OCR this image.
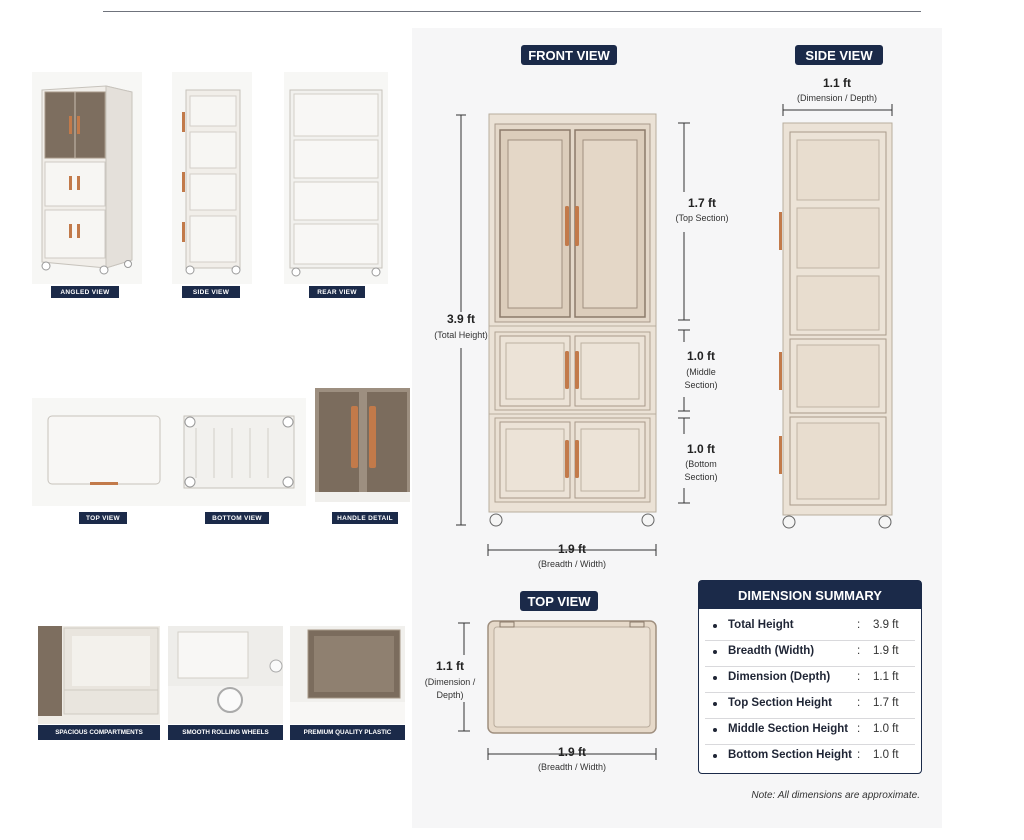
ANGLED VIEW	SIDE VIEW	REAR VIEW
TOP VIEW	BOTTOM VIEW	HANDLE DETAIL
SPACIOUS COMPARTMENTS	SMOOTH ROLLING WHEELS	PREMIUM QUALITY PLASTIC
FRONT VIEW
3.9 ft
(Total Height)
1.7 ft
(Top Section)
1.0 ft
(Middle
Section)
1.0 ft
(Bottom
Section)
1.9 ft
(Breadth / Width)
SIDE VIEW
1.1 ft
(Dimension / Depth)
TOP VIEW
1.1 ft
(Dimension /
Depth)
1.9 ft
(Breadth / Width)
DIMENSION SUMMARY
Total Height	: 3.9 ft
Breadth (Width)	: 1.9 ft
Dimension (Depth) : 1.1 ft
Top Section Height : 1.7 ft
Middle Section Height : 1.0 ft
Bottom Section Height : 1.0 ft
Note: All dimensions are approximate.
